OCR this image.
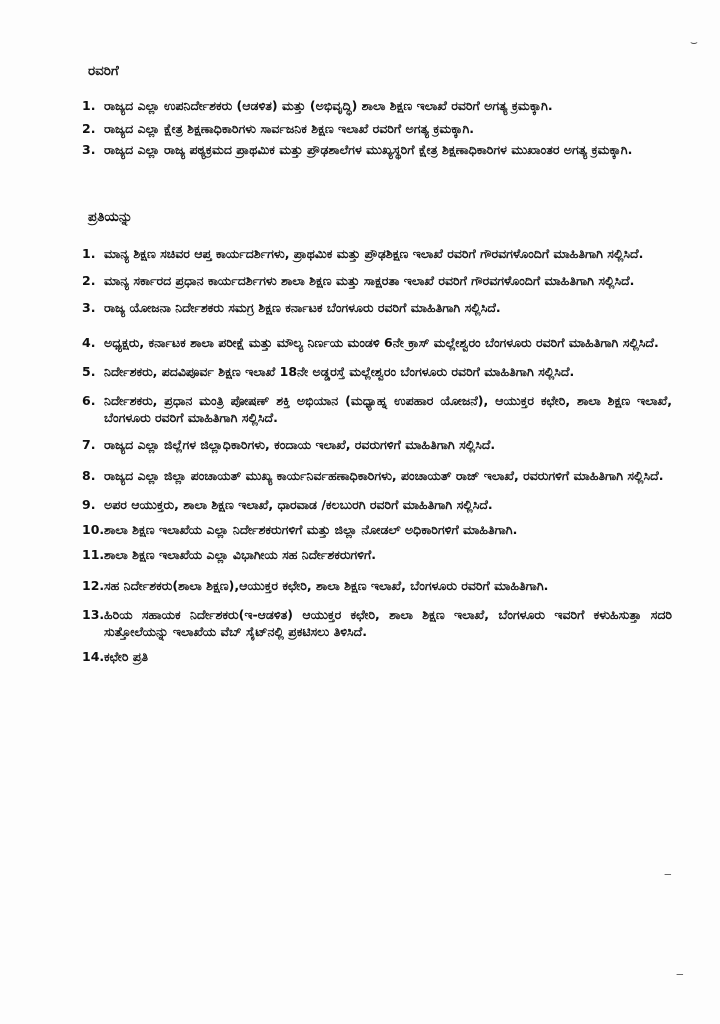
⌣
‒
‒
ರವರಿಗೆ
1. ರಾಜ್ಯದ ಎಲ್ಲಾ ಉಪನಿರ್ದೇಶಕರು (ಆಡಳಿತ) ಮತ್ತು (ಅಭಿವೃದ್ಧಿ) ಶಾಲಾ ಶಿಕ್ಷಣ ಇಲಾಖೆ ರವರಿಗೆ ಅಗತ್ಯ ಕ್ರಮಕ್ಕಾಗಿ.
2. ರಾಜ್ಯದ ಎಲ್ಲಾ ಕ್ಷೇತ್ರ ಶಿಕ್ಷಣಾಧಿಕಾರಿಗಳು ಸಾರ್ವಜನಿಕ ಶಿಕ್ಷಣ ಇಲಾಖೆ ರವರಿಗೆ ಅಗತ್ಯ ಕ್ರಮಕ್ಕಾಗಿ.
3. ರಾಜ್ಯದ ಎಲ್ಲಾ ರಾಜ್ಯ ಪಠ್ಯಕ್ರಮದ ಪ್ರಾಥಮಿಕ ಮತ್ತು ಪ್ರೌಢಶಾಲೆಗಳ ಮುಖ್ಯಸ್ಥರಿಗೆ ಕ್ಷೇತ್ರ ಶಿಕ್ಷಣಾಧಿಕಾರಿಗಳ ಮುಖಾಂತರ ಅಗತ್ಯ ಕ್ರಮಕ್ಕಾಗಿ.
ಪ್ರತಿಯನ್ನು
1. ಮಾನ್ಯ ಶಿಕ್ಷಣ ಸಚಿವರ ಆಪ್ತ ಕಾರ್ಯದರ್ಶಿಗಳು, ಪ್ರಾಥಮಿಕ ಮತ್ತು ಪ್ರೌಢಶಿಕ್ಷಣ ಇಲಾಖೆ ರವರಿಗೆ ಗೌರವಗಳೊಂದಿಗೆ ಮಾಹಿತಿಗಾಗಿ ಸಲ್ಲಿಸಿದೆ.
2. ಮಾನ್ಯ ಸರ್ಕಾರದ ಪ್ರಧಾನ ಕಾರ್ಯದರ್ಶಿಗಳು ಶಾಲಾ ಶಿಕ್ಷಣ ಮತ್ತು ಸಾಕ್ಷರತಾ ಇಲಾಖೆ ರವರಿಗೆ ಗೌರವಗಳೊಂದಿಗೆ ಮಾಹಿತಿಗಾಗಿ ಸಲ್ಲಿಸಿದೆ.
3. ರಾಜ್ಯ ಯೋಜನಾ ನಿರ್ದೇಶಕರು ಸಮಗ್ರ ಶಿಕ್ಷಣ ಕರ್ನಾಟಕ ಬೆಂಗಳೂರು ರವರಿಗೆ ಮಾಹಿತಿಗಾಗಿ ಸಲ್ಲಿಸಿದೆ.
4. ಅಧ್ಯಕ್ಷರು, ಕರ್ನಾಟಕ ಶಾಲಾ ಪರೀಕ್ಷೆ ಮತ್ತು ಮೌಲ್ಯ ನಿರ್ಣಯ ಮಂಡಳಿ 6ನೇ ಕ್ರಾಸ್ ಮಲ್ಲೇಶ್ವರಂ ಬೆಂಗಳೂರು ರವರಿಗೆ ಮಾಹಿತಿಗಾಗಿ ಸಲ್ಲಿಸಿದೆ.
5. ನಿರ್ದೇಶಕರು, ಪದವಿಪೂರ್ವ ಶಿಕ್ಷಣ ಇಲಾಖೆ 18ನೇ ಅಡ್ಡರಸ್ತೆ ಮಲ್ಲೇಶ್ವರಂ ಬೆಂಗಳೂರು ರವರಿಗೆ ಮಾಹಿತಿಗಾಗಿ ಸಲ್ಲಿಸಿದೆ.
6. ನಿರ್ದೇಶಕರು, ಪ್ರಧಾನ ಮಂತ್ರಿ ಪೋಷಣ್ ಶಕ್ತಿ ಅಭಿಯಾನ (ಮಧ್ಯಾಹ್ನ ಉಪಹಾರ ಯೋಜನೆ), ಆಯುಕ್ತರ ಕಛೇರಿ, ಶಾಲಾ ಶಿಕ್ಷಣ ಇಲಾಖೆ, ಬೆಂಗಳೂರು ರವರಿಗೆ ಮಾಹಿತಿಗಾಗಿ ಸಲ್ಲಿಸಿದೆ.
7. ರಾಜ್ಯದ ಎಲ್ಲಾ ಜಿಲ್ಲೆಗಳ ಜಿಲ್ಲಾಧಿಕಾರಿಗಳು, ಕಂದಾಯ ಇಲಾಖೆ, ರವರುಗಳಿಗೆ ಮಾಹಿತಿಗಾಗಿ ಸಲ್ಲಿಸಿದೆ.
8. ರಾಜ್ಯದ ಎಲ್ಲಾ ಜಿಲ್ಲಾ ಪಂಚಾಯತ್ ಮುಖ್ಯ ಕಾರ್ಯನಿರ್ವಹಣಾಧಿಕಾರಿಗಳು, ಪಂಚಾಯತ್ ರಾಜ್ ಇಲಾಖೆ, ರವರುಗಳಿಗೆ ಮಾಹಿತಿಗಾಗಿ ಸಲ್ಲಿಸಿದೆ.
9. ಅಪರ ಆಯುಕ್ತರು, ಶಾಲಾ ಶಿಕ್ಷಣ ಇಲಾಖೆ, ಧಾರವಾಡ /ಕಲಬುರಗಿ ರವರಿಗೆ ಮಾಹಿತಿಗಾಗಿ ಸಲ್ಲಿಸಿದೆ.
10. ಶಾಲಾ ಶಿಕ್ಷಣ ಇಲಾಖೆಯ ಎಲ್ಲಾ ನಿರ್ದೇಶಕರುಗಳಿಗೆ ಮತ್ತು ಜಿಲ್ಲಾ ನೋಡಲ್ ಅಧಿಕಾರಿಗಳಿಗೆ ಮಾಹಿತಿಗಾಗಿ.
11. ಶಾಲಾ ಶಿಕ್ಷಣ ಇಲಾಖೆಯ ಎಲ್ಲಾ ವಿಭಾಗೀಯ ಸಹ ನಿರ್ದೇಶಕರುಗಳಿಗೆ.
12. ಸಹ ನಿರ್ದೇಶಕರು(ಶಾಲಾ ಶಿಕ್ಷಣ),ಆಯುಕ್ತರ ಕಛೇರಿ, ಶಾಲಾ ಶಿಕ್ಷಣ ಇಲಾಖೆ, ಬೆಂಗಳೂರು ರವರಿಗೆ ಮಾಹಿತಿಗಾಗಿ.
13. ಹಿರಿಯ ಸಹಾಯಕ ನಿರ್ದೇಶಕರು(ಇ-ಆಡಳಿತ) ಆಯುಕ್ತರ ಕಛೇರಿ, ಶಾಲಾ ಶಿಕ್ಷಣ ಇಲಾಖೆ, ಬೆಂಗಳೂರು ಇವರಿಗೆ ಕಳುಹಿಸುತ್ತಾ ಸದರಿ ಸುತ್ತೋಲೆಯನ್ನು ಇಲಾಖೆಯ ವೆಬ್ ಸೈಟ್‌ನಲ್ಲಿ ಪ್ರಕಟಿಸಲು ತಿಳಿಸಿದೆ.
14. ಕಛೇರಿ ಪ್ರತಿ
